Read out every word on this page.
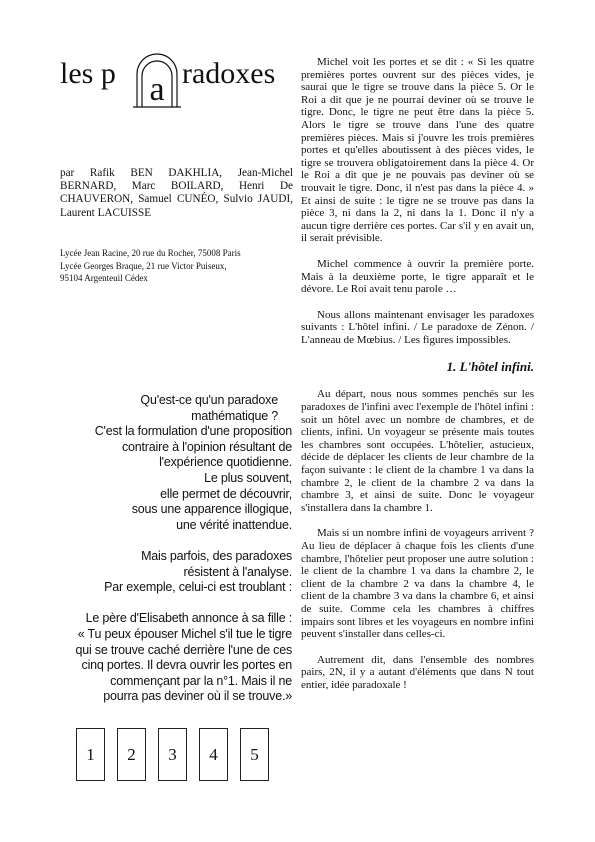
les p a radoxes
par Rafik BEN DAKHLIA, Jean-Michel BERNARD, Marc BOILARD, Henri De CHAUVERON, Samuel CUNÉO, Sulvio JAUDI, Laurent LACUISSE
Lycée Jean Racine, 20 rue du Rocher, 75008 Paris
Lycée Georges Braque, 21 rue Victor Puiseux,
95104 Argenteuil Cédex
Qu'est-ce qu'un paradoxe
mathématique ?
C'est la formulation d'une proposition
contraire à l'opinion résultant de
l'expérience quotidienne.
Le plus souvent,
elle permet de découvrir,
sous une apparence illogique,
une vérité inattendue.
Mais parfois, des paradoxes
résistent à l'analyse.
Par exemple, celui-ci est troublant :
Le père d'Elisabeth annonce à sa fille :
« Tu peux épouser Michel s'il tue le tigre
qui se trouve caché derrière l'une de ces
cinq portes. Il devra ouvrir les portes en
commençant par la n°1. Mais il ne
pourra pas deviner où il se trouve.»
1	2	3	4	5

Michel voit les portes et se dit : « Si les quatre premières portes ouvrent sur des pièces vides, je saurai que le tigre se trouve dans la pièce 5. Or le Roi a dit que je ne pourrai deviner où se trouve le tigre. Donc, le tigre ne peut être dans la pièce 5. Alors le tigre se trouve dans l'une des quatre premières pièces. Mais si j'ouvre les trois premières portes et qu'elles aboutissent à des pièces vides, le tigre se trouvera obligatoirement dans la pièce 4. Or le Roi a dit que je ne pouvais pas deviner où se trouvait le tigre. Donc, il n'est pas dans la pièce 4. » Et ainsi de suite : le tigre ne se trouve pas dans la pièce 3, ni dans la 2, ni dans la 1. Donc il n'y a aucun tigre derrière ces portes. Car s'il y en avait un, il serait prévisible.

Michel commence à ouvrir la première porte. Mais à la deuxième porte, le tigre apparaît et le dévore. Le Roi avait tenu parole …

Nous allons maintenant envisager les paradoxes suivants : L'hôtel infini. / Le paradoxe de Zénon. / L'anneau de Mœbius. / Les figures impossibles.

1. L'hôtel infini.

Au départ, nous nous sommes penchés sur les paradoxes de l'infini avec l'exemple de l'hôtel infini : soit un hôtel avec un nombre de chambres, et de clients, infini. Un voyageur se présente mais toutes les chambres sont occupées. L'hôtelier, astucieux, décide de déplacer les clients de leur chambre de la façon suivante : le client de la chambre 1 va dans la chambre 2, le client de la chambre 2 va dans la chambre 3, et ainsi de suite. Donc le voyageur s'installera dans la chambre 1.

Mais si un nombre infini de voyageurs arrivent ? Au lieu de déplacer à chaque fois les clients d'une chambre, l'hôtelier peut proposer une autre solution : le client de la chambre 1 va dans la chambre 2, le client de la chambre 2 va dans la chambre 4, le client de la chambre 3 va dans la chambre 6, et ainsi de suite. Comme cela les chambres à chiffres impairs sont libres et les voyageurs en nombre infini peuvent s'installer dans celles-ci.

Autrement dit, dans l'ensemble des nombres pairs, 2N, il y a autant d'éléments que dans N tout entier, idée paradoxale !
